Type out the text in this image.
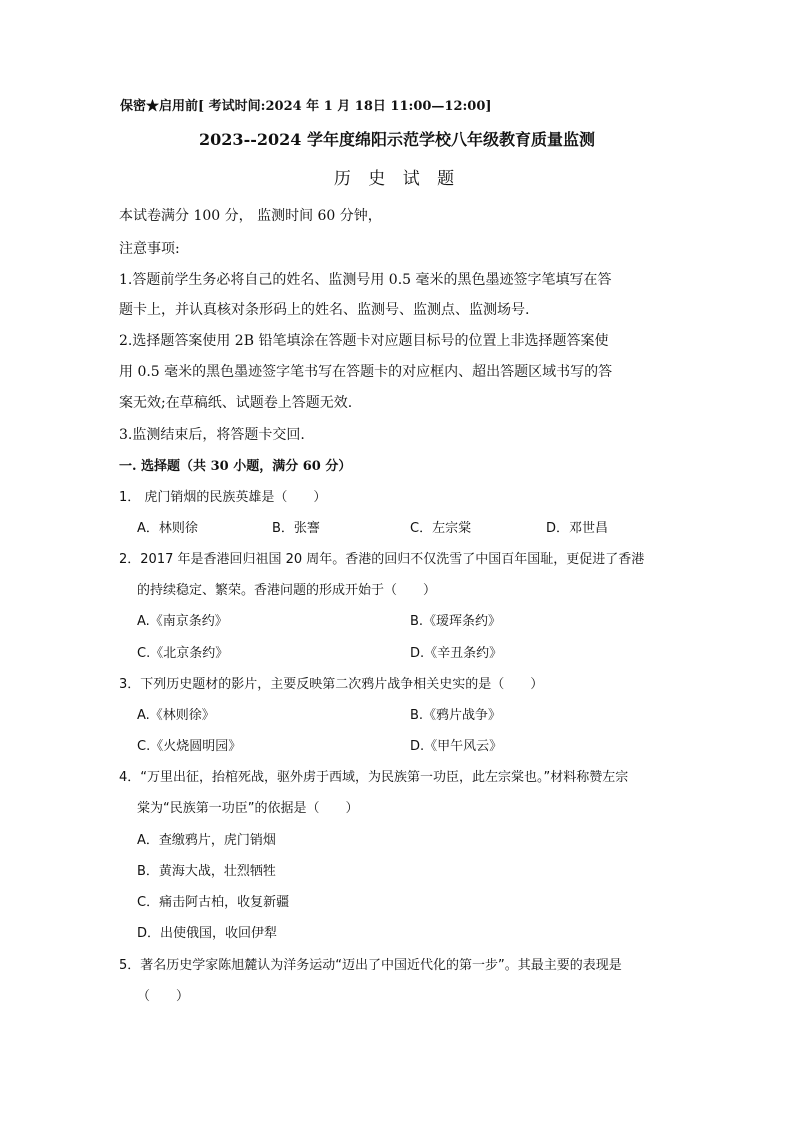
保密★启用前[ 考试时间:2024 年 1 月 18日 11:00—12:00]
2023--2024 学年度绵阳示范学校八年级教育质量监测
历 史 试 题
本试卷满分 100 分， 监测时间 60 分钟，
注意事项:
1.答题前学生务必将自己的姓名、监测号用 0.5 毫米的黑色墨迹签字笔填写在答
题卡上，并认真核对条形码上的姓名、监测号、监测点、监测场号.
2.选择题答案使用 2B 铅笔填涂在答题卡对应题目标号的位置上非选择题答案使
用 0.5 毫米的黑色墨迹签字笔书写在答题卡的对应框内、超出答题区域书写的答
案无效;在草稿纸、试题卷上答题无效.
3.监测结束后，将答题卡交回.
一. 选择题（共 30 小题，满分 60 分）
1． 虎门销烟的民族英雄是（　　）
A．林则徐	B．张謇	C．左宗棠	D．邓世昌
2．2017 年是香港回归祖国 20 周年。香港的回归不仅洗雪了中国百年国耻，更促进了香港
的持续稳定、繁荣。香港问题的形成开始于（　　）
A.《南京条约》	B.《瑷珲条约》
C.《北京条约》	D.《辛丑条约》
3．下列历史题材的影片，主要反映第二次鸦片战争相关史实的是（　　）
A.《林则徐》	B.《鸦片战争》
C.《火烧圆明园》	D.《甲午风云》
4．“万里出征，抬棺死战，驱外虏于西域，为民族第一功臣，此左宗棠也。”材料称赞左宗
棠为“民族第一功臣”的依据是（　　）
A．查缴鸦片，虎门销烟
B．黄海大战，壮烈牺牲
C．痛击阿古柏，收复新疆
D．出使俄国，收回伊犁
5．著名历史学家陈旭麓认为洋务运动“迈出了中国近代化的第一步”。其最主要的表现是
（　　）
